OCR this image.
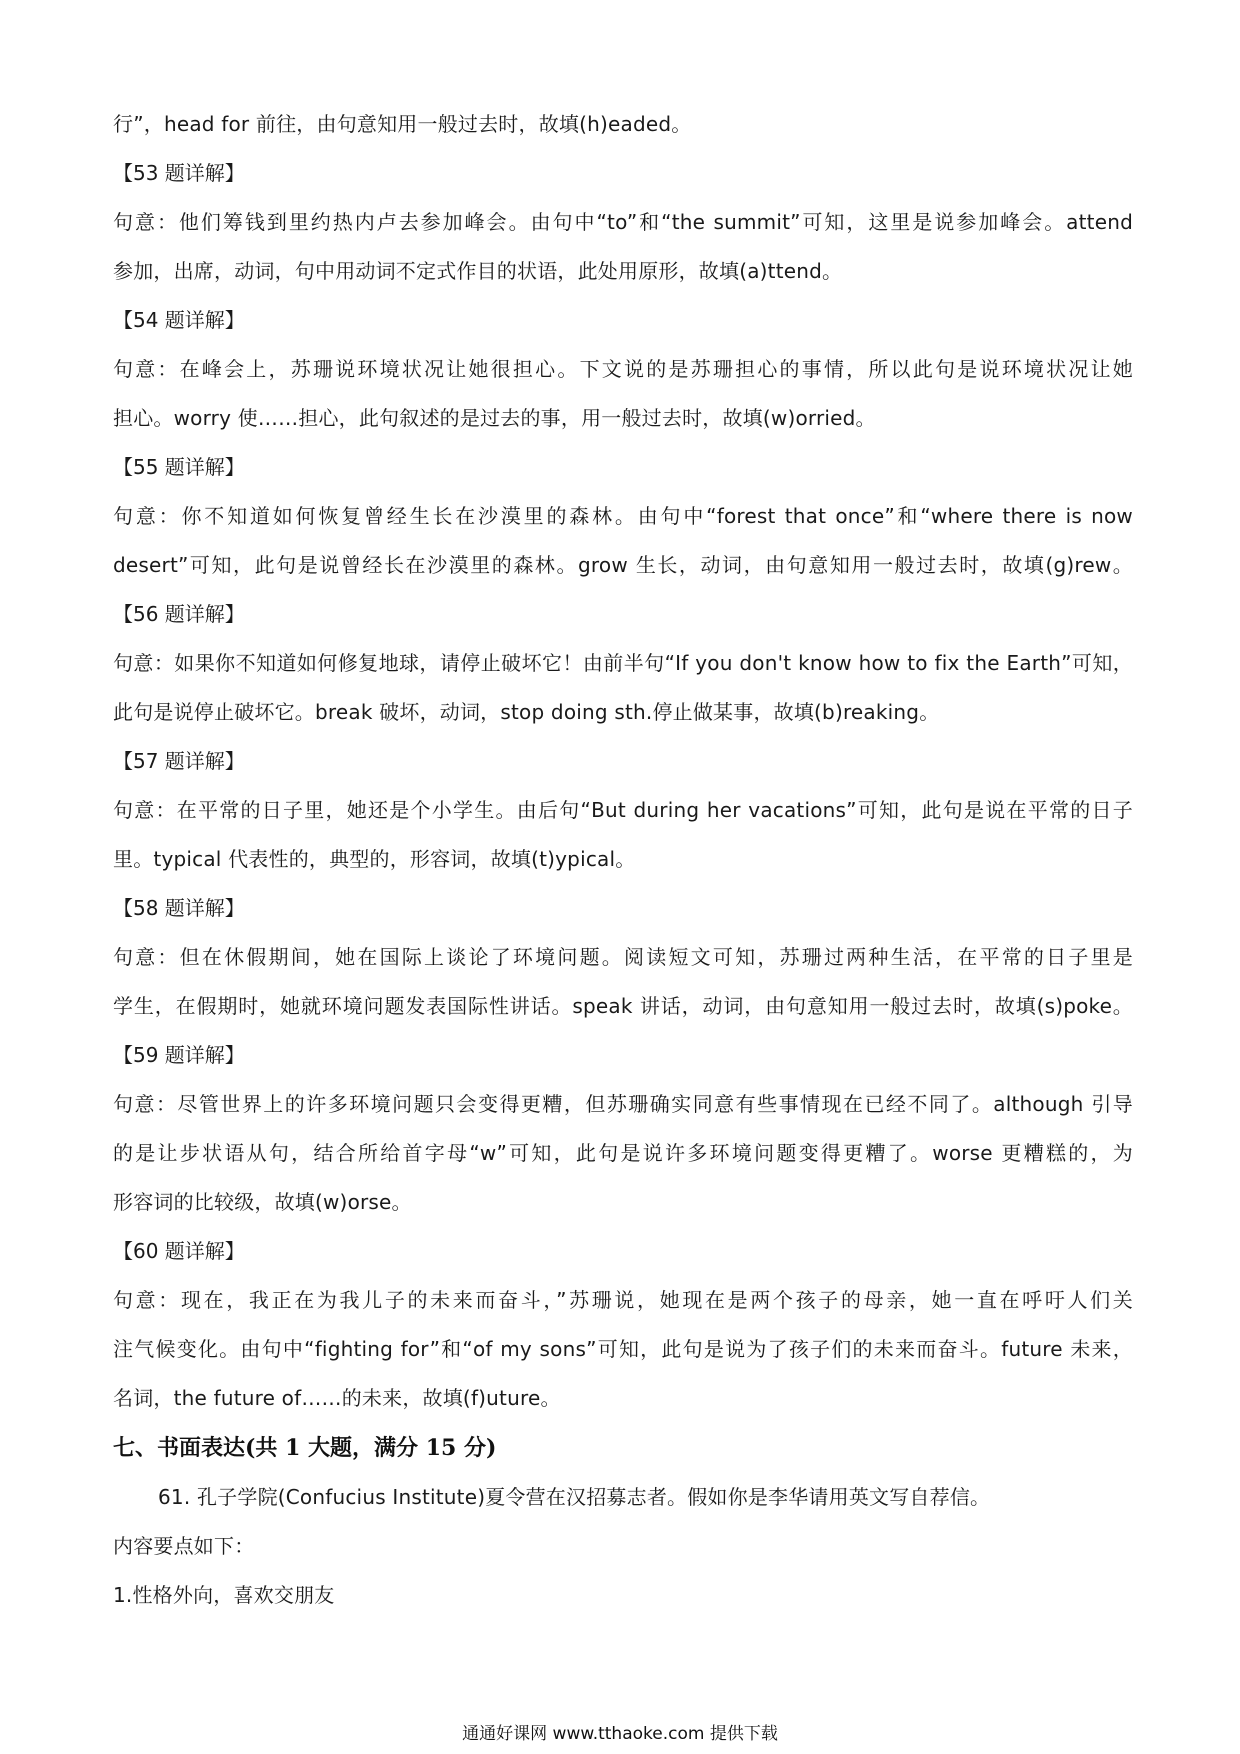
行”，head for 前往，由句意知用一般过去时，故填(h)eaded。
【53 题详解】
句意：他们筹钱到里约热内卢去参加峰会。由句中“to”和“the summit”可知，这里是说参加峰会。attend
参加，出席，动词，句中用动词不定式作目的状语，此处用原形，故填(a)ttend。
【54 题详解】
句意：在峰会上，苏珊说环境状况让她很担心。下文说的是苏珊担心的事情，所以此句是说环境状况让她
担心。worry 使……担心，此句叙述的是过去的事，用一般过去时，故填(w)orried。
【55 题详解】
句意：你不知道如何恢复曾经生长在沙漠里的森林。由句中“forest that once”和“where there is now
desert”可知，此句是说曾经长在沙漠里的森林。grow 生长，动词，由句意知用一般过去时，故填(g)rew。
【56 题详解】
句意：如果你不知道如何修复地球，请停止破坏它！由前半句“If you don't know how to fix the Earth”可知，
此句是说停止破坏它。break 破坏，动词，stop doing sth.停止做某事，故填(b)reaking。
【57 题详解】
句意：在平常的日子里，她还是个小学生。由后句“But during her vacations”可知，此句是说在平常的日子
里。typical 代表性的，典型的，形容词，故填(t)ypical。
【58 题详解】
句意：但在休假期间，她在国际上谈论了环境问题。阅读短文可知，苏珊过两种生活，在平常的日子里是
学生，在假期时，她就环境问题发表国际性讲话。speak 讲话，动词，由句意知用一般过去时，故填(s)poke。
【59 题详解】
句意：尽管世界上的许多环境问题只会变得更糟，但苏珊确实同意有些事情现在已经不同了。although 引导
的是让步状语从句，结合所给首字母“w”可知，此句是说许多环境问题变得更糟了。worse 更糟糕的，为
形容词的比较级，故填(w)orse。
【60 题详解】
句意：现在，我正在为我儿子的未来而奋斗，”苏珊说，她现在是两个孩子的母亲，她一直在呼吁人们关
注气候变化。由句中“fighting for”和“of my sons”可知，此句是说为了孩子们的未来而奋斗。future 未来，
名词，the future of……的未来，故填(f)uture。
七、书面表达(共 1 大题，满分 15 分)
61. 孔子学院(Confucius Institute)夏令营在汉招募志者。假如你是李华请用英文写自荐信。
内容要点如下：
1.性格外向，喜欢交朋友
通通好课网 www.tthaoke.com 提供下载
